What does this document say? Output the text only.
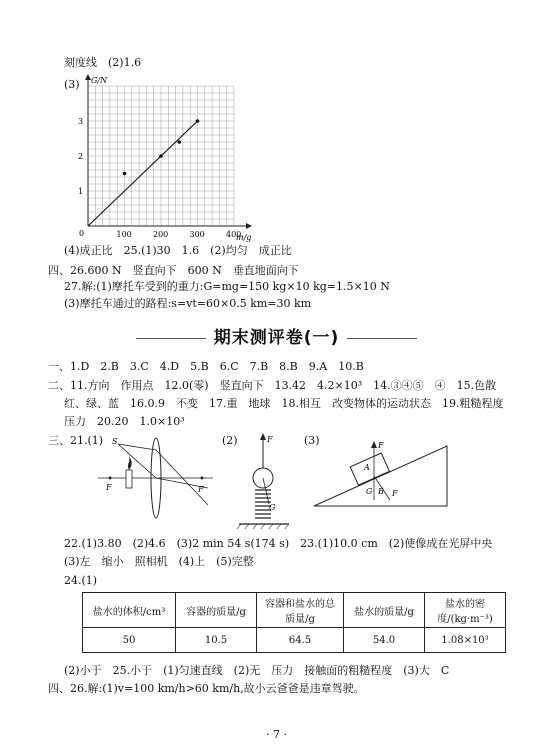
刻度线　(2)1.6
(3) G/N
m/g
0
1
2
3
100	200	300	400
(4)成正比　25.(1)30　1.6　(2)均匀　成正比
四、26.600 N　竖直向下　600 N　垂直地面向下
27.解:(1)摩托车受到的重力:G=mg=150 kg×10 kg=1.5×10 N
(3)摩托车通过的路程:s=vt=60×0.5 km=30 km
期末测评卷(一)
一、1.D　2.B　3.C　4.D　5.B　6.C　7.B　8.B　9.A　10.B
二、11.方向　作用点　12.0(零)　竖直向下　13.42　4.2×10³　14.③④⑤　④　15.色散
红、绿、蓝　16.0.9　不变　17.重　地球　18.相互　改变物体的运动状态　19.粗糙程度
压力　20.20　1.0×10³
三、21.(1) S
F	F
(2)	F
G
(3)	F
A
G B F
22.(1)3.80　(2)4.6　(3)2 min 54 s(174 s)　23.(1)10.0 cm　(2)使像成在光屏中央
(3)左　缩小　照相机　(4)上　(5)完整
24.(1)
盐水的体积/cm³	容器的质量/g	容器和盐水的总质量/g	盐水的质量/g	盐水的密度/(kg·m⁻³)
50	10.5	64.5	54.0	1.08×10³
(2)小于　25.小于　(1)匀速直线　(2)无　压力　接触面的粗糙程度　(3)大　C
四、26.解:(1)v=100 km/h>60 km/h,故小云爸爸是违章驾驶。
· 7 ·
